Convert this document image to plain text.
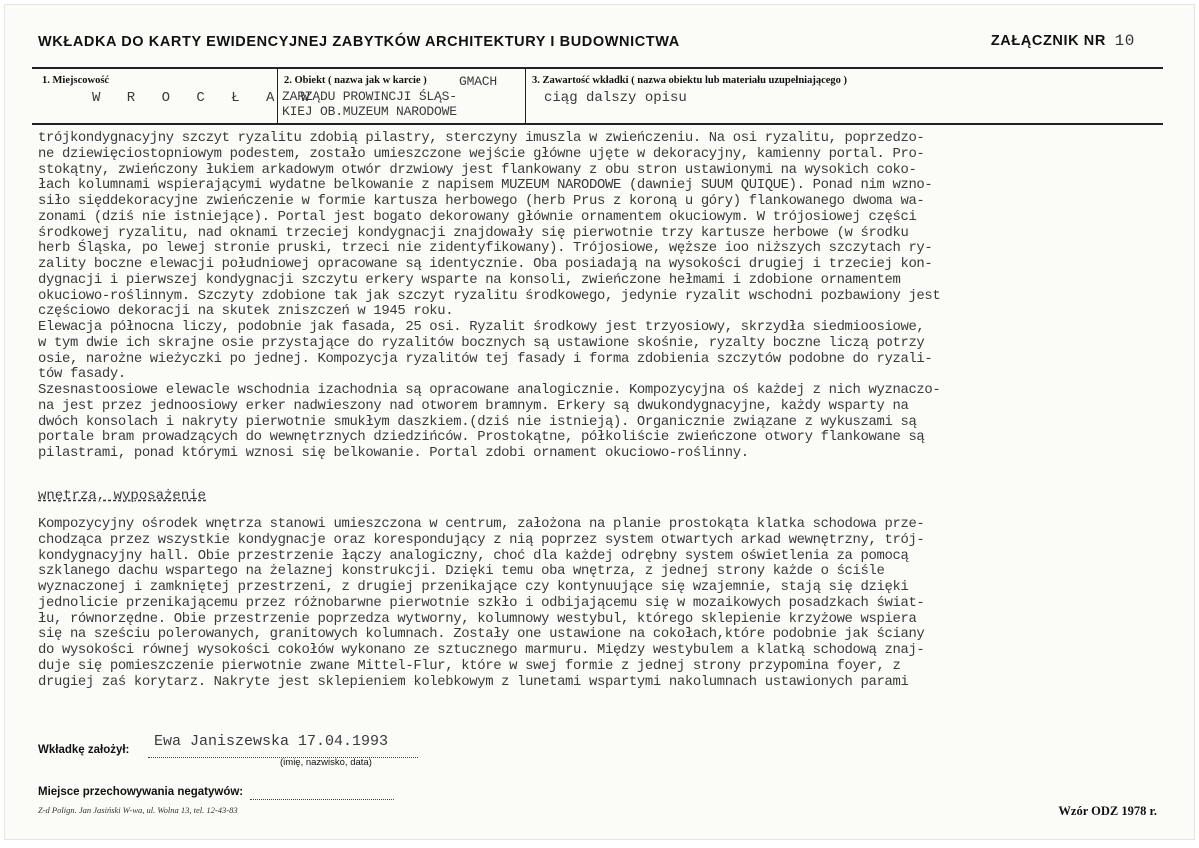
WKŁADKA DO KARTY EWIDENCYJNEJ ZABYTKÓW ARCHITEKTURY I BUDOWNICTWA	ZAŁĄCZNIK NR 10
1. Miejscowość
W R O C Ł A W
2. Obiekt ( nazwa jak w karcie ) GMACH
ZARZĄDU PROWINCJI ŚLĄS-
KIEJ OB.MUZEUM NARODOWE
3. Zawartość wkładki ( nazwa obiektu lub materiału uzupełniającego )
ciąg dalszy opisu
trójkondygnacyjny szczyt ryzalitu zdobią pilastry, sterczyny imuszla w zwieńczeniu. Na osi ryzalitu, poprzedzo-
ne dziewięciostopniowym podestem, zostało umieszczone wejście główne ujęte w dekoracyjny, kamienny portal. Pro-
stokątny, zwieńczony łukiem arkadowym otwór drzwiowy jest flankowany z obu stron ustawionymi na wysokich coko-
łach kolumnami wspierającymi wydatne belkowanie z napisem MUZEUM NARODOWE (dawniej SUUM QUIQUE). Ponad nim wzno-
siło sięddekoracyjne zwieńczenie w formie kartusza herbowego (herb Prus z koroną u góry) flankowanego dwoma wa-
zonami (dziś nie istniejące). Portal jest bogato dekorowany głównie ornamentem okuciowym. W trójosiowej części
środkowej ryzalitu, nad oknami trzeciej kondygnacji znajdowały się pierwotnie trzy kartusze herbowe (w środku
herb Śląska, po lewej stronie pruski, trzeci nie zidentyfikowany). Trójosiowe, węższe ioo niższych szczytach ry-
zality boczne elewacji południowej opracowane są identycznie. Oba posiadają na wysokości drugiej i trzeciej kon-
dygnacji i pierwszej kondygnacji szczytu erkery wsparte na konsoli, zwieńczone hełmami i zdobione ornamentem
okuciowo-roślinnym. Szczyty zdobione tak jak szczyt ryzalitu środkowego, jedynie ryzalit wschodni pozbawiony jest
częściowo dekoracji na skutek zniszczeń w 1945 roku.
Elewacja północna liczy, podobnie jak fasada, 25 osi. Ryzalit środkowy jest trzyosiowy, skrzydła siedmioosiowe,
w tym dwie ich skrajne osie przystające do ryzalitów bocznych są ustawione skośnie, ryzalty boczne liczą potrzy
osie, narożne wieżyczki po jednej. Kompozycja ryzalitów tej fasady i forma zdobienia szczytów podobne do ryzali-
tów fasady.
Szesnastoosiowe elewacle wschodnia izachodnia są opracowane analogicznie. Kompozycyjna oś każdej z nich wyznaczo-
na jest przez jednoosiowy erker nadwieszony nad otworem bramnym. Erkery są dwukondygnacyjne, każdy wsparty na
dwóch konsolach i nakryty pierwotnie smukłym daszkiem.(dziś nie istnieją). Organicznie związane z wykuszami są
portale bram prowadzących do wewnętrznych dziedzińców. Prostokątne, półkoliście zwieńczone otwory flankowane są
pilastrami, ponad którymi wznosi się belkowanie. Portal zdobi ornament okuciowo-roślinny.
wnętrza, wyposażenie
Kompozycyjny ośrodek wnętrza stanowi umieszczona w centrum, założona na planie prostokąta klatka schodowa prze-
chodząca przez wszystkie kondygnacje oraz korespondujący z nią poprzez system otwartych arkad wewnętrzny, trój-
kondygnacyjny hall. Obie przestrzenie łączy analogiczny, choć dla każdej odrębny system oświetlenia za pomocą
szklanego dachu wspartego na żelaznej konstrukcji. Dzięki temu oba wnętrza, z jednej strony każde o ściśle
wyznaczonej i zamkniętej przestrzeni, z drugiej przenikające czy kontynuujące się wzajemnie, stają się dzięki
jednolicie przenikającemu przez różnobarwne pierwotnie szkło i odbijającemu się w mozaikowych posadzkach świat-
łu, równorzędne. Obie przestrzenie poprzedza wytworny, kolumnowy westybul, którego sklepienie krzyżowe wspiera
się na sześciu polerowanych, granitowych kolumnach. Zostały one ustawione na cokołach,które podobnie jak ściany
do wysokości równej wysokości cokołów wykonano ze sztucznego marmuru. Między westybulem a klatką schodową znaj-
duje się pomieszczenie pierwotnie zwane Mittel-Flur, które w swej formie z jednej strony przypomina foyer, z
drugiej zaś korytarz. Nakryte jest sklepieniem kolebkowym z lunetami wspartymi nakolumnach ustawionych parami
Wkładkę założył: Ewa Janiszewska 17.04.1993
(imię, nazwisko, data)
Miejsce przechowywania negatywów:
Z-d Polign. Jan Jasiński W-wa, ul. Wolna 13, tel. 12-43-83	Wzór ODZ 1978 r.
